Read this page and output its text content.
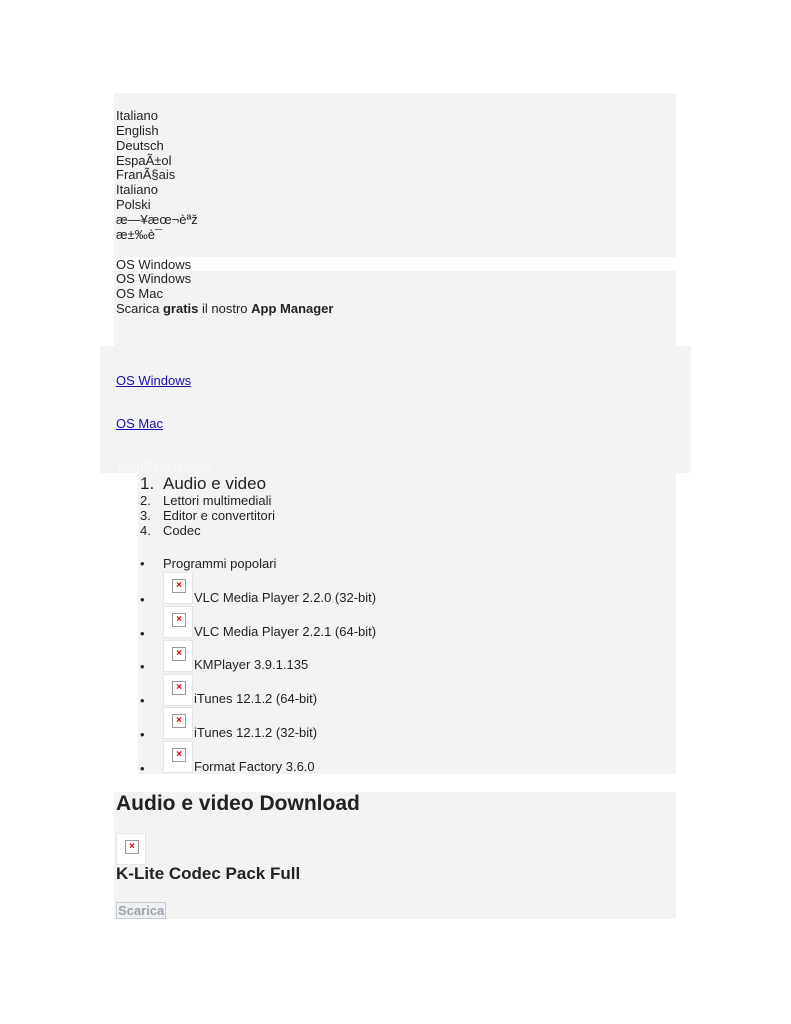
Italiano
English
Deutsch
EspaÃ±ol
FranÃ§ais
Italiano
Polski
æ—¥æœ¬èªž
æ±‰è¯
OS Windows
OS Windows
OS Mac
Scarica gratis il nostro App Manager
OS Windows
OS Mac
TechBeat Notice
1. Audio e video
2. Lettori multimediali
3. Editor e convertitori
4. Codec
• Programmi popolari
×
•	VLC Media Player 2.2.0 (32-bit)
×
•	VLC Media Player 2.2.1 (64-bit)
×
•	KMPlayer 3.9.1.135
×
•	iTunes 12.1.2 (64-bit)
×
•	iTunes 12.1.2 (32-bit)
×
•	Format Factory 3.6.0
Audio e video Download
×
K-Lite Codec Pack Full
Scarica
